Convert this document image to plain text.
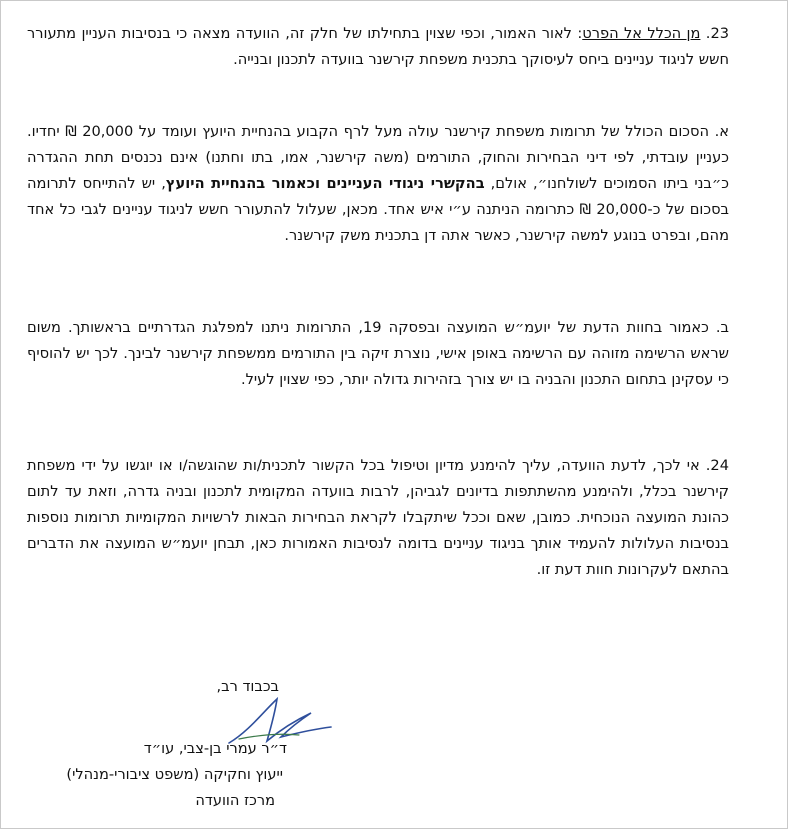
23. מן הכלל אל הפרט: לאור האמור, וכפי שצוין בתחילתו של חלק זה, הוועדה מצאה כי בנסיבות העניין מתעורר חשש לניגוד עניינים ביחס לעיסוקך בתכנית משפחת קירשנר בוועדה לתכנון ובנייה.

א. הסכום הכולל של תרומות משפחת קירשנר עולה מעל לרף הקבוע בהנחיית היועץ ועומד על 20,000 ₪ יחדיו. כעניין עובדתי, לפי דיני הבחירות והחוק, התורמים (משה קירשנר, אמו, בתו וחתנו) אינם נכנסים תחת ההגדרה כ״בני ביתו הסמוכים לשולחנו״, אולם, בהקשרי ניגודי העניינים וכאמור בהנחיית היועץ, יש להתייחס לתרומה בסכום של כ-20,000 ₪ כתרומה הניתנה ע״י איש אחד. מכאן, שעלול להתעורר חשש לניגוד עניינים לגבי כל אחד מהם, ובפרט בנוגע למשה קירשנר, כאשר אתה דן בתכנית משק קירשנר.

ב. כאמור בחוות הדעת של יועמ״ש המועצה ובפסקה 19, התרומות ניתנו למפלגת הגדרתיים בראשותך. משום שראש הרשימה מזוהה עם הרשימה באופן אישי, נוצרת זיקה בין התורמים ממשפחת קירשנר לבינך. לכך יש להוסיף כי עסקינן בתחום התכנון והבניה בו יש צורך בזהירות גדולה יותר, כפי שצוין לעיל.

24. אי לכך, לדעת הוועדה, עליך להימנע מדיון וטיפול בכל הקשור לתכנית/ות שהוגשה/ו או יוגשו על ידי משפחת קירשנר בכלל, ולהימנע מהשתתפות בדיונים לגביהן, לרבות בוועדה המקומית לתכנון ובניה גדרה, וזאת עד לתום כהונת המועצה הנוכחית. כמובן, שאם וככל שיתקבלו לקראת הבחירות הבאות לרשויות המקומיות תרומות נוספות בנסיבות העלולות להעמיד אותך בניגוד עניינים בדומה לנסיבות האמורות כאן, תבחן יועמ״ש המועצה את הדברים בהתאם לעקרונות חוות דעת זו.

בכבוד רב,
ד״ר עמרי בן-צבי, עו״ד
ייעוץ וחקיקה (משפט ציבורי-מנהלי)
מרכז הוועדה
